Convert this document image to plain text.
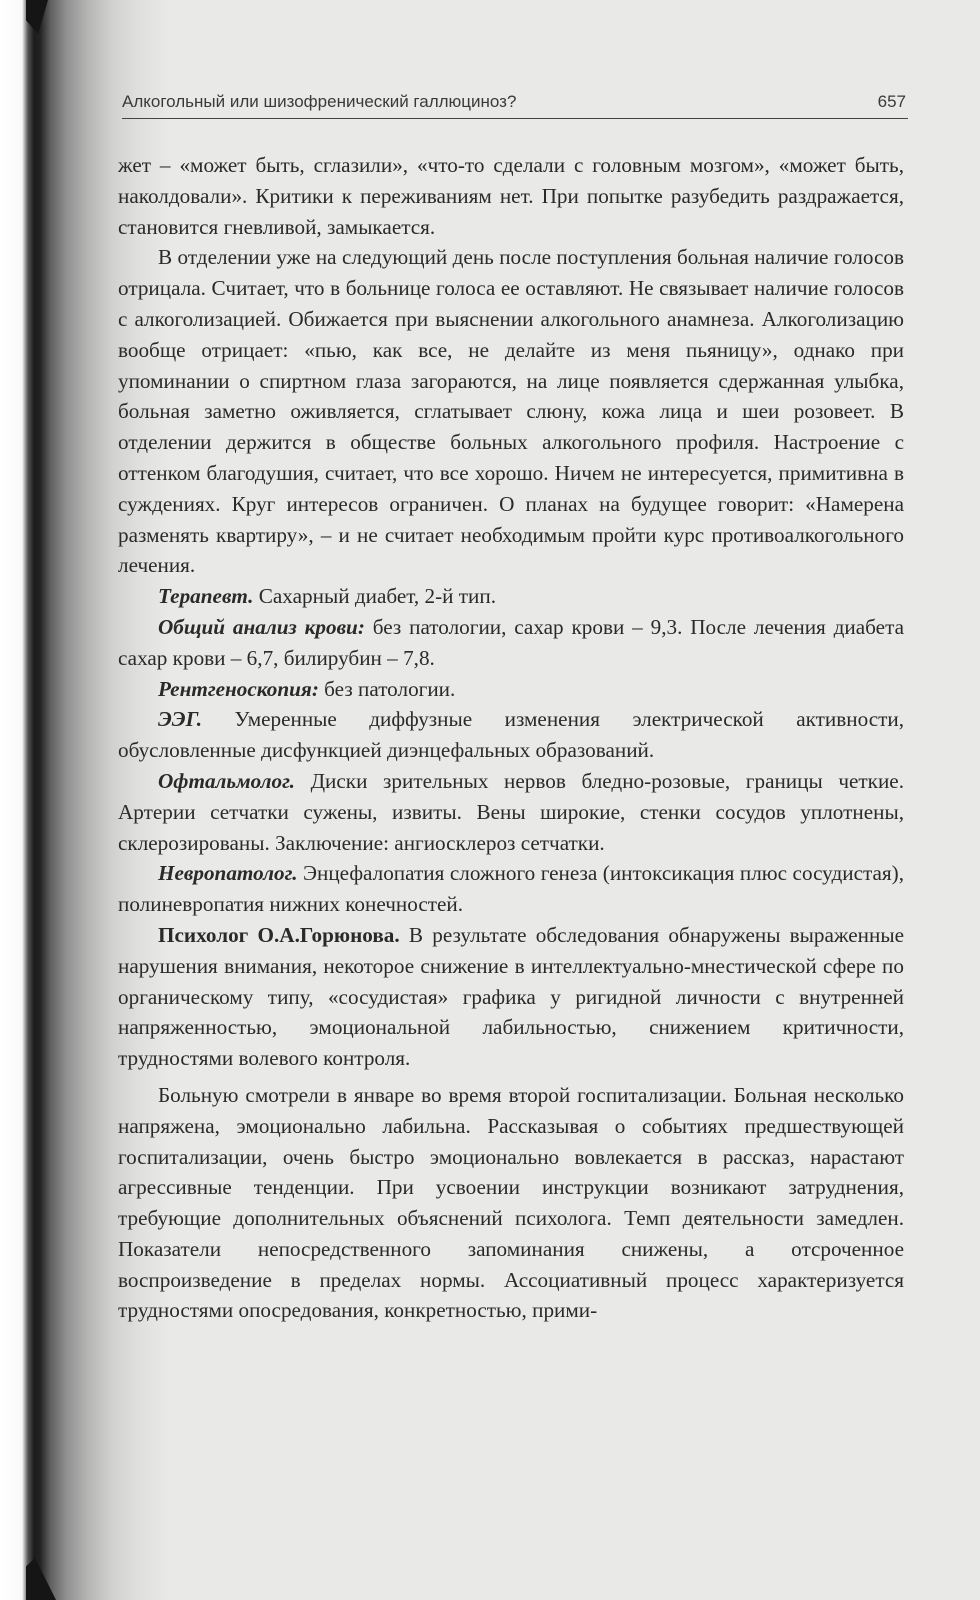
Алкогольный или шизофренический галлюциноз?	657

жет – «может быть, сглазили», «что-то сделали с головным мозгом», «может быть, наколдовали». Критики к переживаниям нет. При попытке разубедить раздражается, становится гневливой, замыкается.

В отделении уже на следующий день после поступления больная наличие голосов отрицала. Считает, что в больнице голоса ее оставляют. Не связывает наличие голосов с алкоголизацией. Обижается при выяснении алкогольного анамнеза. Алкоголизацию вообще отрицает: «пью, как все, не делайте из меня пьяницу», однако при упоминании о спиртном глаза загораются, на лице появляется сдержанная улыбка, больная заметно оживляется, сглатывает слюну, кожа лица и шеи розовеет. В отделении держится в обществе больных алкогольного профиля. Настроение с оттенком благодушия, считает, что все хорошо. Ничем не интересуется, примитивна в суждениях. Круг интересов ограничен. О планах на будущее говорит: «Намерена разменять квартиру», – и не считает необходимым пройти курс противоалкогольного лечения.

Терапевт. Сахарный диабет, 2-й тип.

Общий анализ крови: без патологии, сахар крови – 9,3. После лечения диабета сахар крови – 6,7, билирубин – 7,8.

Рентгеноскопия: без патологии.

ЭЭГ. Умеренные диффузные изменения электрической активности, обусловленные дисфункцией диэнцефальных образований.

Офтальмолог. Диски зрительных нервов бледно-розовые, границы четкие. Артерии сетчатки сужены, извиты. Вены широкие, стенки сосудов уплотнены, склерозированы. Заключение: ангиосклероз сетчатки.

Невропатолог. Энцефалопатия сложного генеза (интоксикация плюс сосудистая), полиневропатия нижних конечностей.

Психолог О.А.Горюнова. В результате обследования обнаружены выраженные нарушения внимания, некоторое снижение в интеллектуально-мнестической сфере по органическому типу, «сосудистая» графика у ригидной личности с внутренней напряженностью, эмоциональной лабильностью, снижением критичности, трудностями волевого контроля.

Больную смотрели в январе во время второй госпитализации. Больная несколько напряжена, эмоционально лабильна. Рассказывая о событиях предшествующей госпитализации, очень быстро эмоционально вовлекается в рассказ, нарастают агрессивные тенденции. При усвоении инструкции возникают затруднения, требующие дополнительных объяснений психолога. Темп деятельности замедлен. Показатели непосредственного запоминания снижены, а отсроченное воспроизведение в пределах нормы. Ассоциативный процесс характеризуется трудностями опосредования, конкретностью, прими-
